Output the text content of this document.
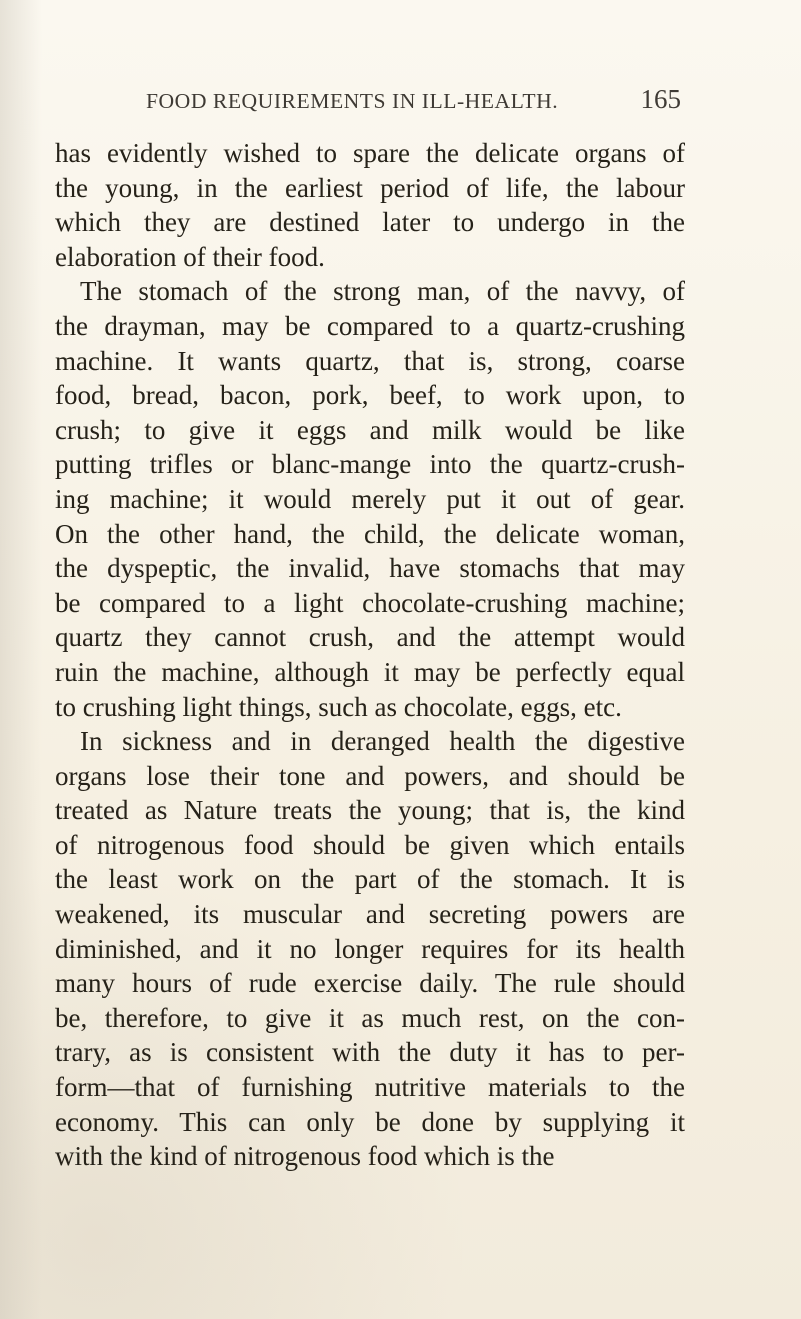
FOOD REQUIREMENTS IN ILL-HEALTH.	165
has evidently wished to spare the delicate organs of
the young, in the earliest period of life, the labour
which they are destined later to undergo in the
elaboration of their food.
The stomach of the strong man, of the navvy, of
the drayman, may be compared to a quartz-crushing
machine. It wants quartz, that is, strong, coarse
food, bread, bacon, pork, beef, to work upon, to
crush; to give it eggs and milk would be like
putting trifles or blanc-mange into the quartz-crush-
ing machine; it would merely put it out of gear.
On the other hand, the child, the delicate woman,
the dyspeptic, the invalid, have stomachs that may
be compared to a light chocolate-crushing machine;
quartz they cannot crush, and the attempt would
ruin the machine, although it may be perfectly equal
to crushing light things, such as chocolate, eggs, etc.
In sickness and in deranged health the digestive
organs lose their tone and powers, and should be
treated as Nature treats the young; that is, the kind
of nitrogenous food should be given which entails
the least work on the part of the stomach. It is
weakened, its muscular and secreting powers are
diminished, and it no longer requires for its health
many hours of rude exercise daily. The rule should
be, therefore, to give it as much rest, on the con-
trary, as is consistent with the duty it has to per-
form—that of furnishing nutritive materials to the
economy. This can only be done by supplying it
with the kind of nitrogenous food which is the
